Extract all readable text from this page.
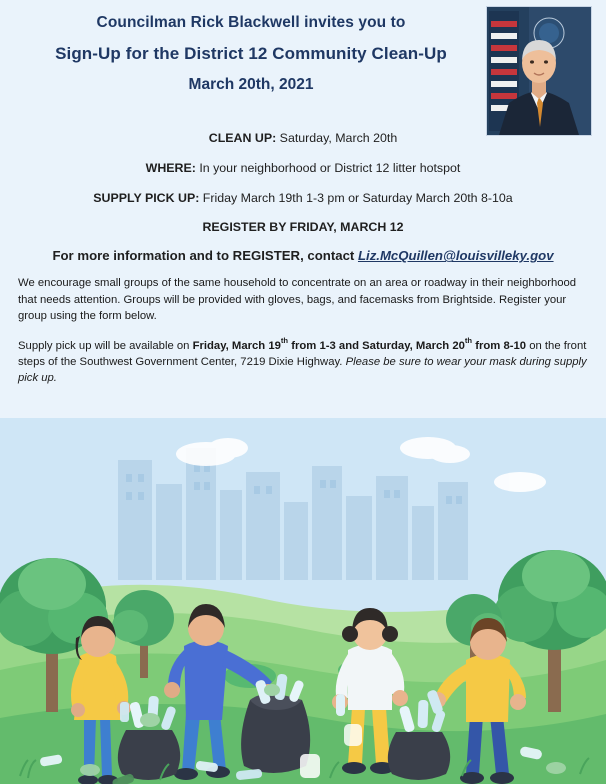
Councilman Rick Blackwell invites you to
Sign-Up for the District 12 Community Clean-Up
March 20th, 2021
CLEAN UP: Saturday, March 20th
WHERE: In your neighborhood or District 12 litter hotspot
SUPPLY PICK UP: Friday March 19th 1-3 pm or Saturday March 20th 8-10a
REGISTER BY FRIDAY, MARCH 12
For more information and to REGISTER, contact Liz.McQuillen@louisvilleky.gov
We encourage small groups of the same household to concentrate on an area or roadway in their neighborhood that needs attention. Groups will be provided with gloves, bags, and facemasks from Brightside. Register your group using the form below.
Supply pick up will be available on Friday, March 19th from 1-3 and Saturday, March 20th from 8-10 on the front steps of the Southwest Government Center, 7219 Dixie Highway. Please be sure to wear your mask during supply pick up.
